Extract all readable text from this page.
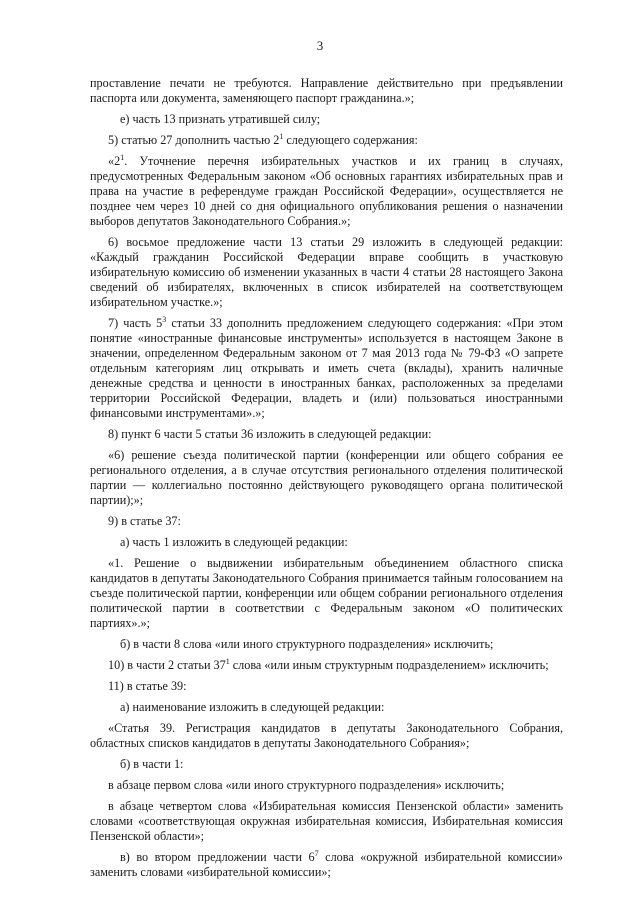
3

проставление печати не требуются. Направление действительно при предъявлении паспорта или документа, заменяющего паспорт гражданина.»;

е) часть 13 признать утратившей силу;

5) статью 27 дополнить частью $2^1$ следующего содержания:

«$2^1$. Уточнение перечня избирательных участков и их границ в случаях, предусмотренных Федеральным законом «Об основных гарантиях избирательных прав и права на участие в референдуме граждан Российской Федерации», осуществляется не позднее чем через 10 дней со дня официального опубликования решения о назначении выборов депутатов Законодательного Собрания.»;

6) восьмое предложение части 13 статьи 29 изложить в следующей редакции: «Каждый гражданин Российской Федерации вправе сообщить в участковую избирательную комиссию об изменении указанных в части 4 статьи 28 настоящего Закона сведений об избирателях, включенных в список избирателей на соответствующем избирательном участке.»;

7) часть $5^3$ статьи 33 дополнить предложением следующего содержания: «При этом понятие «иностранные финансовые инструменты» используется в настоящем Законе в значении, определенном Федеральным законом от 7 мая 2013 года № 79-ФЗ «О запрете отдельным категориям лиц открывать и иметь счета (вклады), хранить наличные денежные средства и ценности в иностранных банках, расположенных за пределами территории Российской Федерации, владеть и (или) пользоваться иностранными финансовыми инструментами».»;

8) пункт 6 части 5 статьи 36 изложить в следующей редакции:

«6) решение съезда политической партии (конференции или общего собрания ее регионального отделения, а в случае отсутствия регионального отделения политической партии — коллегиально постоянно действующего руководящего органа политической партии);»;

9) в статье 37:

а) часть 1 изложить в следующей редакции:

«1. Решение о выдвижении избирательным объединением областного списка кандидатов в депутаты Законодательного Собрания принимается тайным голосованием на съезде политической партии, конференции или общем собрании регионального отделения политической партии в соответствии с Федеральным законом «О политических партиях».»;

б) в части 8 слова «или иного структурного подразделения» исключить;

10) в части 2 статьи $37^1$ слова «или иным структурным подразделением» исключить;

11) в статье 39:

а) наименование изложить в следующей редакции:

«Статья 39. Регистрация кандидатов в депутаты Законодательного Собрания, областных списков кандидатов в депутаты Законодательного Собрания»;

б) в части 1:

в абзаце первом слова «или иного структурного подразделения» исключить;

в абзаце четвертом слова «Избирательная комиссия Пензенской области» заменить словами «соответствующая окружная избирательная комиссия, Избирательная комиссия Пензенской области»;

в) во втором предложении части $6^7$ слова «окружной избирательной комиссии» заменить словами «избирательной комиссии»;
